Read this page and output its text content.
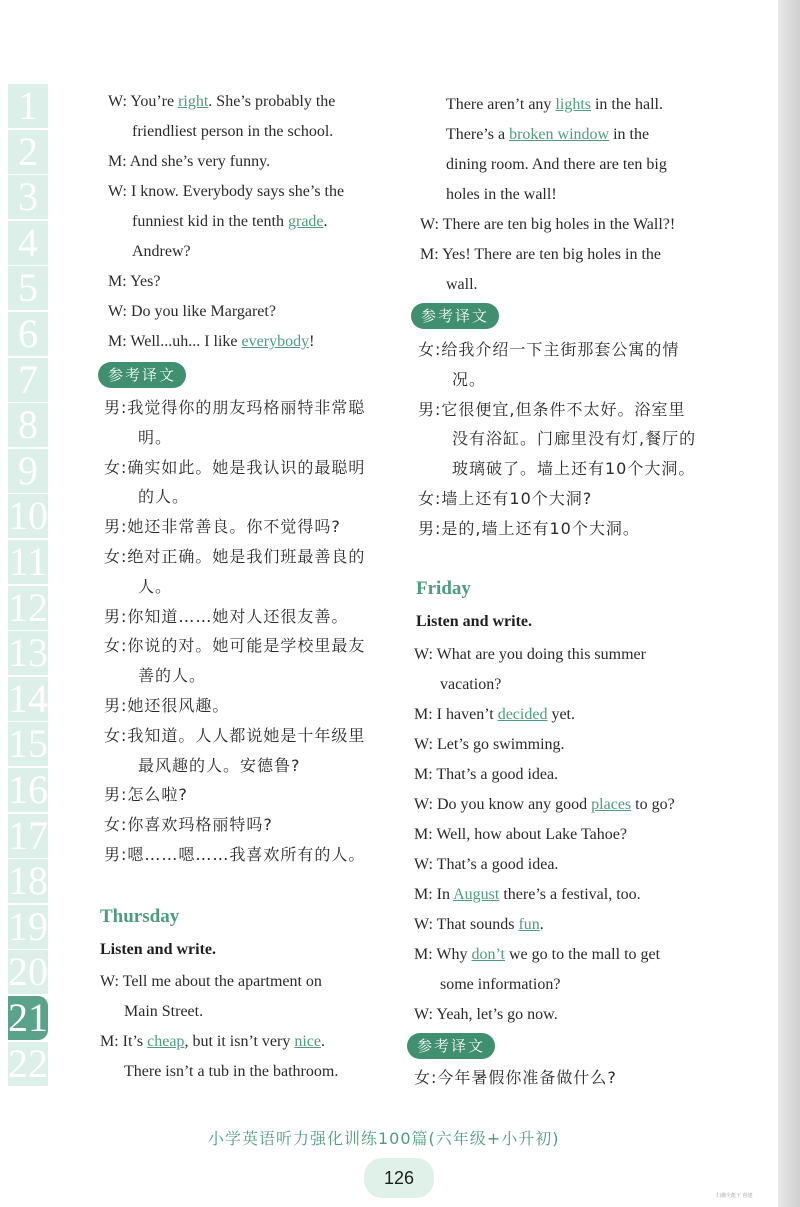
1
2
3
4
5
6
7
8
9
10
11
12
13
14
15
16
17
18
19
20
21
22
W: You’re right. She’s probably the
friendliest person in the school.
M: And she’s very funny.
W: I know. Everybody says she’s the
funniest kid in the tenth grade.
Andrew?
M: Yes?
W: Do you like Margaret?
M: Well...uh... I like everybody!
参考译文
男:我觉得你的朋友玛格丽特非常聪
　　明。
女:确实如此。她是我认识的最聪明
　　的人。
男:她还非常善良。你不觉得吗?
女:绝对正确。她是我们班最善良的
　　人。
男:你知道……她对人还很友善。
女:你说的对。她可能是学校里最友
　　善的人。
男:她还很风趣。
女:我知道。人人都说她是十年级里
　　最风趣的人。安德鲁?
男:怎么啦?
女:你喜欢玛格丽特吗?
男:嗯……嗯……我喜欢所有的人。
Thursday
Listen and write.
W: Tell me about the apartment on
Main Street.
M: It’s cheap, but it isn’t very nice.
There isn’t a tub in the bathroom.
There aren’t any lights in the hall.
There’s a broken window in the
dining room. And there are ten big
holes in the wall!
W: There are ten big holes in the Wall?!
M: Yes! There are ten big holes in the
wall.
参考译文
女:给我介绍一下主街那套公寓的情
　　况。
男:它很便宜,但条件不太好。浴室里
　　没有浴缸。门廊里没有灯,餐厅的
　　玻璃破了。墙上还有10个大洞。
女:墙上还有10个大洞?
男:是的,墙上还有10个大洞。
Friday
Listen and write.
W: What are you doing this summer
vacation?
M: I haven’t decided yet.
W: Let’s go swimming.
M: That’s a good idea.
W: Do you know any good places to go?
M: Well, how about Lake Tahoe?
W: That’s a good idea.
M: In August there’s a festival, too.
W: That sounds fun.
M: Why don’t we go to the mall to get
some information?
W: Yeah, let’s go now.
参考译文
女:今年暑假你准备做什么?
小学英语听力强化训练100篇(六年级+小升初)
126
扫描全能王 创建
